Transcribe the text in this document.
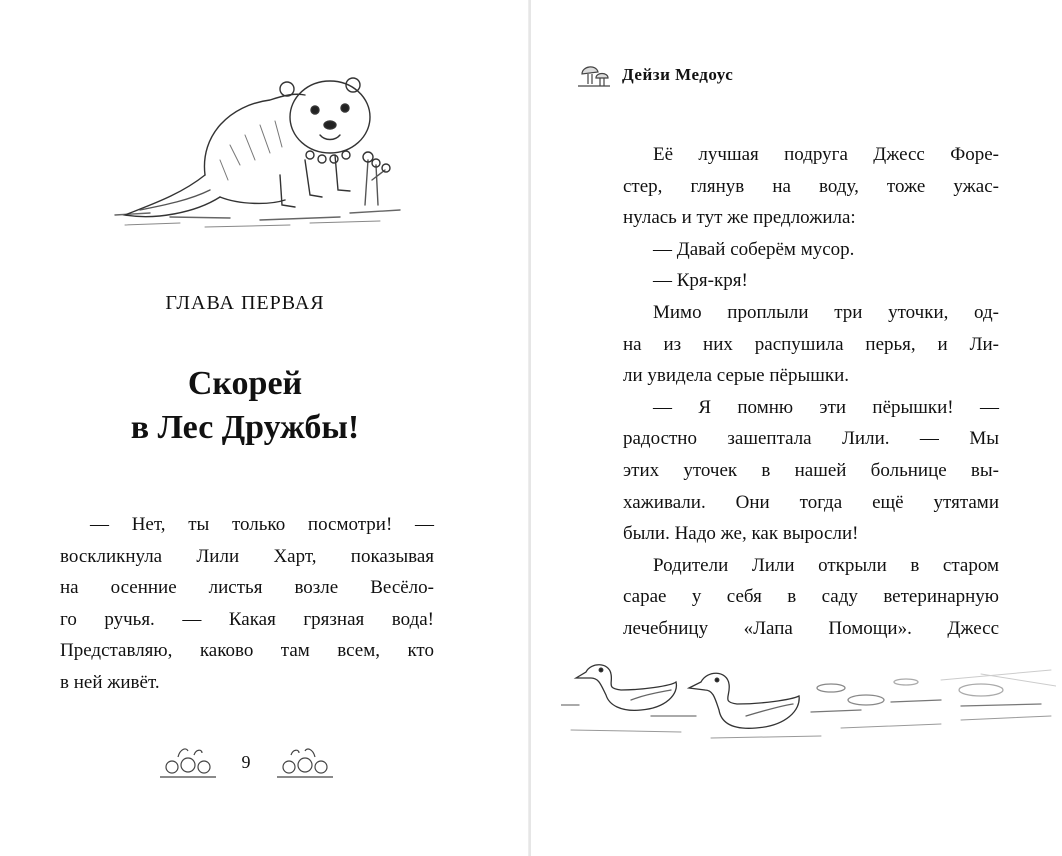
ГЛАВА ПЕРВАЯ
Скорей
в Лес Дружбы!
— Нет, ты только посмотри! —
воскликнула Лили Харт, показывая
на осенние листья возле Весёло-
го ручья. — Какая грязная вода!
Представляю, каково там всем, кто
в ней живёт.
9
Дейзи Медоус
Её лучшая подруга Джесс Форе-
стер, глянув на воду, тоже ужас-
нулась и тут же предложила:
— Давай соберём мусор.
— Кря-кря!
Мимо проплыли три уточки, од-
на из них распушила перья, и Ли-
ли увидела серые пёрышки.
— Я помню эти пёрышки! —
радостно зашептала Лили. — Мы
этих уточек в нашей больнице вы-
хаживали. Они тогда ещё утятами
были. Надо же, как выросли!
Родители Лили открыли в старом
сарае у себя в саду ветеринарную
лечебницу «Лапа Помощи». Джесс
